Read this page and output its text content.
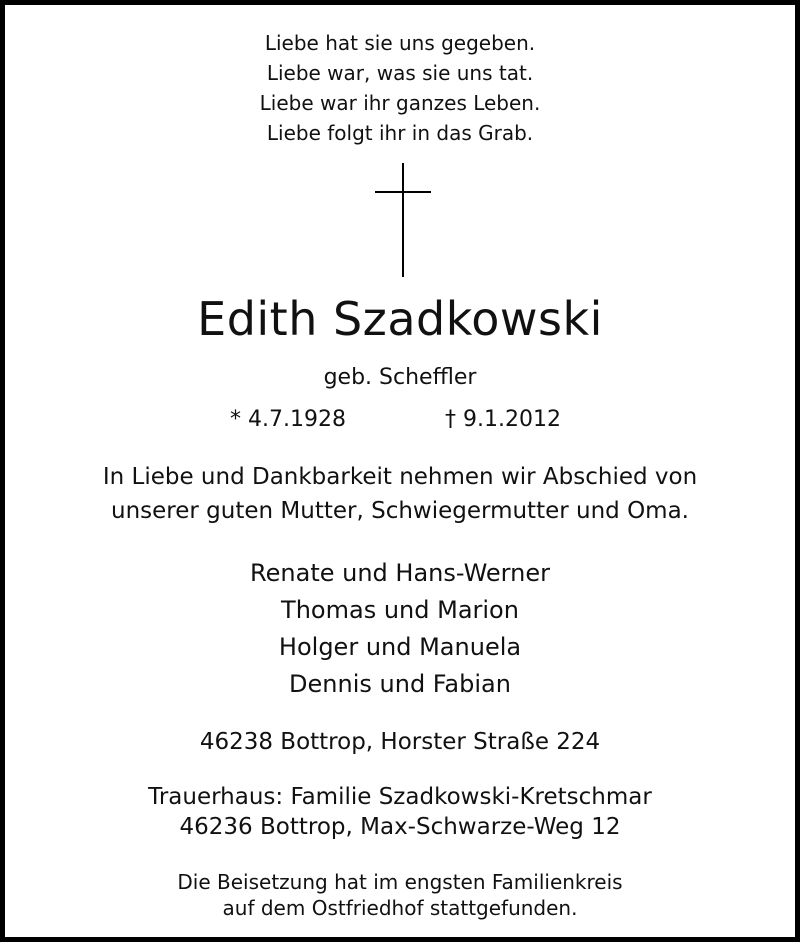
Liebe hat sie uns gegeben.
Liebe war, was sie uns tat.
Liebe war ihr ganzes Leben.
Liebe folgt ihr in das Grab.
Edith Szadkowski
geb. Scheffler
* 4.7.1928	† 9.1.2012
In Liebe und Dankbarkeit nehmen wir Abschied von
unserer guten Mutter, Schwiegermutter und Oma.
Renate und Hans-Werner
Thomas und Marion
Holger und Manuela
Dennis und Fabian
46238 Bottrop, Horster Straße 224
Trauerhaus: Familie Szadkowski-Kretschmar
46236 Bottrop, Max-Schwarze-Weg 12
Die Beisetzung hat im engsten Familienkreis
auf dem Ostfriedhof stattgefunden.
